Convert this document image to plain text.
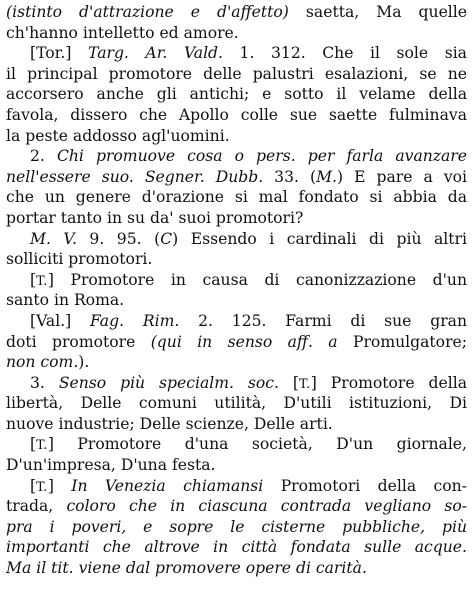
(istinto d'attrazione e d'affetto) saetta, Ma quelle
ch'hanno intelletto ed amore.
[Tor.] Targ. Ar. Vald. 1. 312. Che il sole sia
il principal promotore delle palustri esalazioni, se ne
accorsero anche gli antichi; e sotto il velame della
favola, dissero che Apollo colle sue saette fulminava
la peste addosso agl'uomini.
2. Chi promuove cosa o pers. per farla avanzare
nell'essere suo. Segner. Dubb. 33. (M.) E pare a voi
che un genere d'orazione si mal fondato si abbia da
portar tanto in su da' suoi promotori?
M. V. 9. 95. (C) Essendo i cardinali di più altri
solliciti promotori.
[T.] Promotore in causa di canonizzazione d'un
santo in Roma.
[Val.] Fag. Rim. 2. 125. Farmi di sue gran
doti promotore (qui in senso aff. a Promulgatore;
non com.).
3. Senso più specialm. soc. [T.] Promotore della
libertà, Delle comuni utilità, D'utili istituzioni, Di
nuove industrie; Delle scienze, Delle arti.
[T.] Promotore d'una società, D'un giornale,
D'un'impresa, D'una festa.
[T.] In Venezia chiamansi Promotori della con-
trada, coloro che in ciascuna contrada vegliano so-
pra i poveri, e sopre le cisterne pubbliche, più
importanti che altrove in città fondata sulle acque.
Ma il tit. viene dal promovere opere di carità.
